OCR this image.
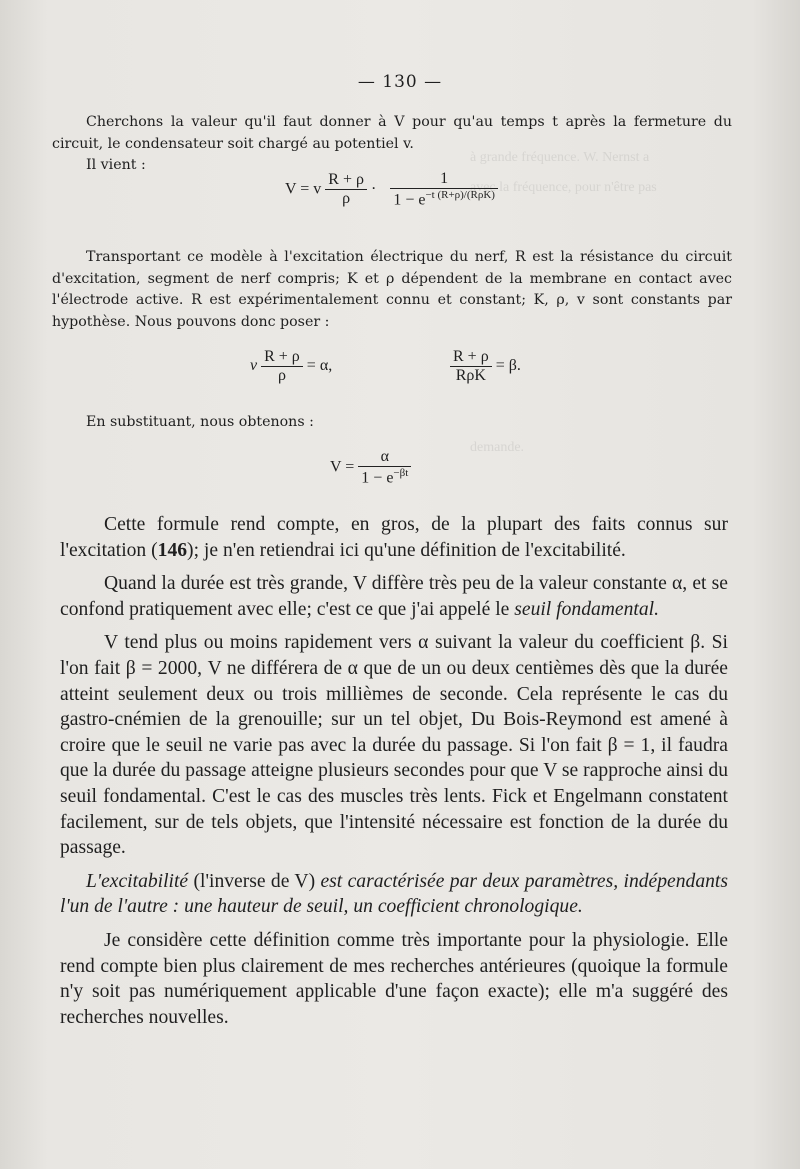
à grande fréquence. W. Nernst a
avec la fréquence, pour n'être pas
demande.
— 130 —

Cherchons la valeur qu'il faut donner à V pour qu'au temps t après la fermeture du circuit, le condensateur soit chargé au potentiel v.

Il vient :

V = v $\frac{R + \rho}{\rho} \cdot \frac{1}{1 - e^{-t (R+\rho)/(R\rho K)}}$

Transportant ce modèle à l'excitation électrique du nerf, R est la résistance du circuit d'excitation, segment de nerf compris; K et ρ dépendent de la membrane en contact avec l'électrode active. R est expérimentalement connu et constant; K, ρ, v sont constants par hypothèse. Nous pouvons donc poser :

v $\frac{R + \rho}{\rho} = \alpha$,	$\frac{R + \rho}{\text{RρK}} = \beta$.

En substituant, nous obtenons :

$V = \frac{\alpha}{1 - e^{-\beta t}}$

Cette formule rend compte, en gros, de la plupart des faits connus sur l'excitation (146); je n'en retiendrai ici qu'une définition de l'excitabilité.

Quand la durée est très grande, V diffère très peu de la valeur constante α, et se confond pratiquement avec elle; c'est ce que j'ai appelé le seuil fondamental.

V tend plus ou moins rapidement vers α suivant la valeur du coefficient β. Si l'on fait β = 2000, V ne différera de α que de un ou deux centièmes dès que la durée atteint seulement deux ou trois millièmes de seconde. Cela représente le cas du gastro-cnémien de la grenouille; sur un tel objet, Du Bois-Reymond est amené à croire que le seuil ne varie pas avec la durée du passage. Si l'on fait β = 1, il faudra que la durée du passage atteigne plusieurs secondes pour que V se rapproche ainsi du seuil fondamental. C'est le cas des muscles très lents. Fick et Engelmann constatent facilement, sur de tels objets, que l'intensité nécessaire est fonction de la durée du passage.

L'excitabilité (l'inverse de V) est caractérisée par deux paramètres, indépendants l'un de l'autre : une hauteur de seuil, un coefficient chronologique.

Je considère cette définition comme très importante pour la physiologie. Elle rend compte bien plus clairement de mes recherches antérieures (quoique la formule n'y soit pas numériquement applicable d'une façon exacte); elle m'a suggéré des recherches nouvelles.
